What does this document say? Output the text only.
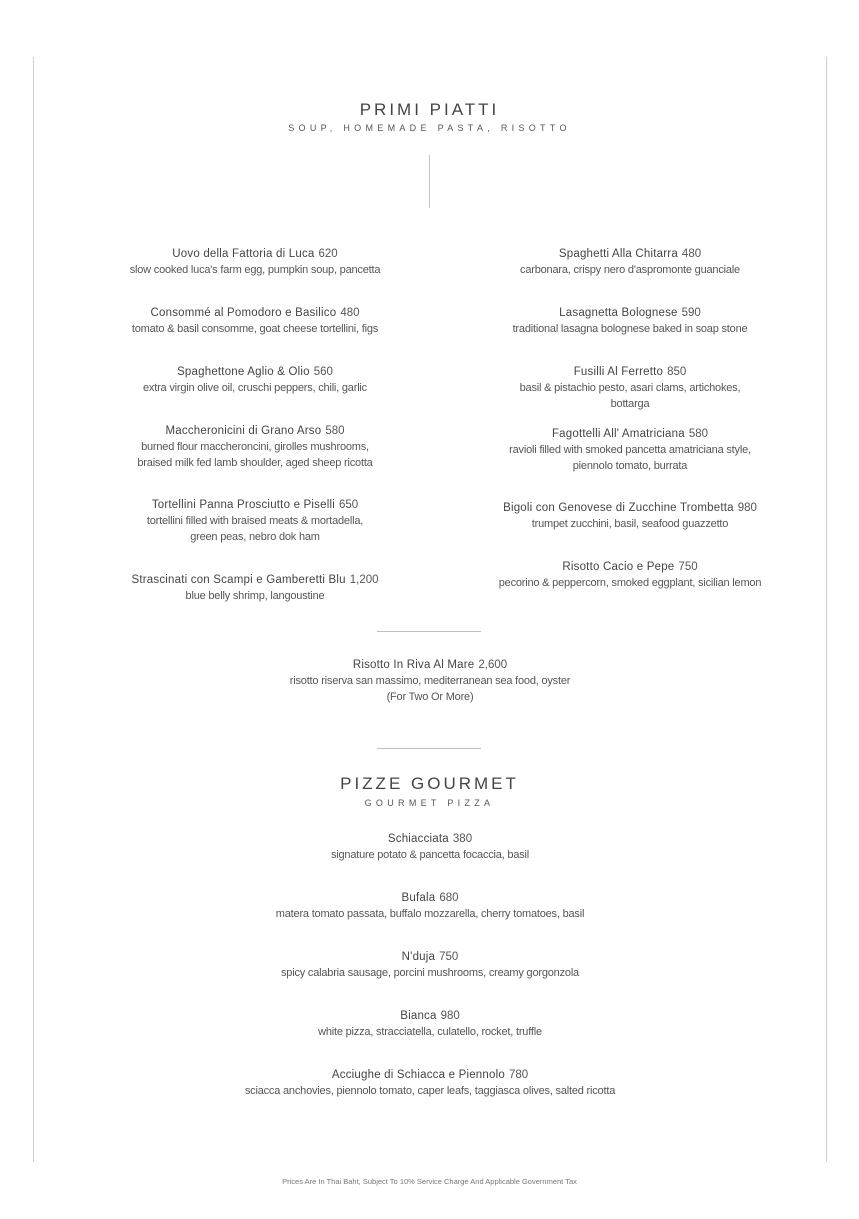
PRIMI PIATTI
SOUP, HOMEMADE PASTA, RISOTTO
Uovo della Fattoria di Luca 620
slow cooked luca's farm egg, pumpkin soup, pancetta
Consommé al Pomodoro e Basilico 480
tomato & basil consomme, goat cheese tortellini, figs
Spaghettone Aglio & Olio 560
extra virgin olive oil, cruschi peppers, chili, garlic
Maccheronicini di Grano Arso 580
burned flour maccheroncini, girolles mushrooms,
braised milk fed lamb shoulder, aged sheep ricotta
Tortellini Panna Prosciutto e Piselli 650
tortellini filled with braised meats & mortadella,
green peas, nebro dok ham
Strascinati con Scampi e Gamberetti Blu 1,200
blue belly shrimp, langoustine
Spaghetti Alla Chitarra 480
carbonara, crispy nero d'aspromonte guanciale
Lasagnetta Bolognese 590
traditional lasagna bolognese baked in soap stone
Fusilli Al Ferretto 850
basil & pistachio pesto, asari clams, artichokes,
bottarga
Fagottelli All' Amatriciana 580
ravioli filled with smoked pancetta amatriciana style,
piennolo tomato, burrata
Bigoli con Genovese di Zucchine Trombetta 980
trumpet zucchini, basil, seafood guazzetto
Risotto Cacio e Pepe 750
pecorino & peppercorn, smoked eggplant, sicilian lemon
Risotto In Riva Al Mare 2,600
risotto riserva san massimo, mediterranean sea food, oyster
(For Two Or More)
PIZZE GOURMET
GOURMET PIZZA
Schiacciata 380
signature potato & pancetta focaccia, basil
Bufala 680
matera tomato passata, buffalo mozzarella, cherry tomatoes, basil
N'duja 750
spicy calabria sausage, porcini mushrooms, creamy gorgonzola
Bianca 980
white pizza, stracciatella, culatello, rocket, truffle
Acciughe di Schiacca e Piennolo 780
sciacca anchovies, piennolo tomato, caper leafs, taggiasca olives, salted ricotta
Prices Are In Thai Baht, Subject To 10% Service Charge And Applicable Government Tax
